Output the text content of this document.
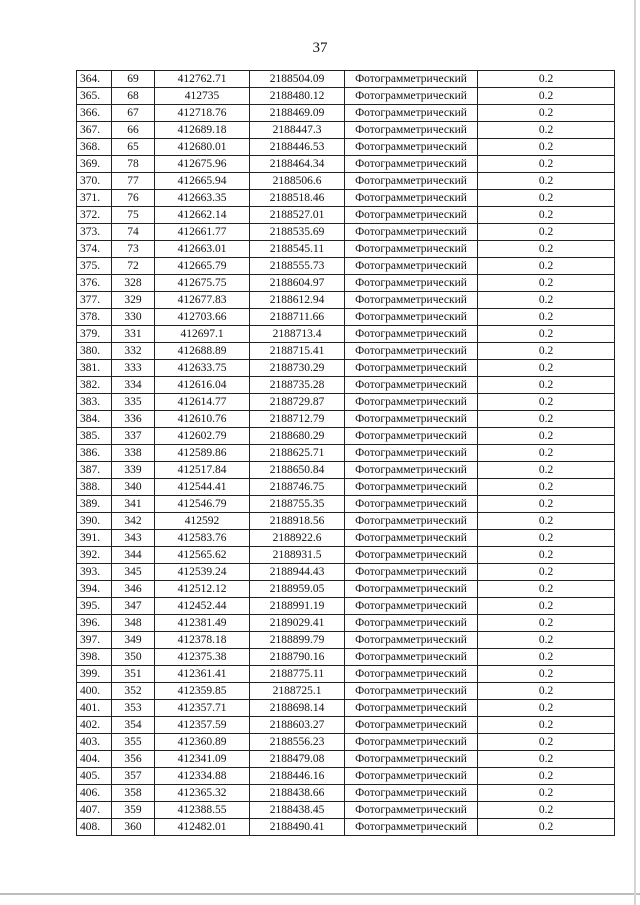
37
364.	69	412762.71	2188504.09	Фотограмметрический	0.2
365.	68	412735	2188480.12	Фотограмметрический	0.2
366.	67	412718.76	2188469.09	Фотограмметрический	0.2
367.	66	412689.18	2188447.3	Фотограмметрический	0.2
368.	65	412680.01	2188446.53	Фотограмметрический	0.2
369.	78	412675.96	2188464.34	Фотограмметрический	0.2
370.	77	412665.94	2188506.6	Фотограмметрический	0.2
371.	76	412663.35	2188518.46	Фотограмметрический	0.2
372.	75	412662.14	2188527.01	Фотограмметрический	0.2
373.	74	412661.77	2188535.69	Фотограмметрический	0.2
374.	73	412663.01	2188545.11	Фотограмметрический	0.2
375.	72	412665.79	2188555.73	Фотограмметрический	0.2
376.	328	412675.75	2188604.97	Фотограмметрический	0.2
377.	329	412677.83	2188612.94	Фотограмметрический	0.2
378.	330	412703.66	2188711.66	Фотограмметрический	0.2
379.	331	412697.1	2188713.4	Фотограмметрический	0.2
380.	332	412688.89	2188715.41	Фотограмметрический	0.2
381.	333	412633.75	2188730.29	Фотограмметрический	0.2
382.	334	412616.04	2188735.28	Фотограмметрический	0.2
383.	335	412614.77	2188729.87	Фотограмметрический	0.2
384.	336	412610.76	2188712.79	Фотограмметрический	0.2
385.	337	412602.79	2188680.29	Фотограмметрический	0.2
386.	338	412589.86	2188625.71	Фотограмметрический	0.2
387.	339	412517.84	2188650.84	Фотограмметрический	0.2
388.	340	412544.41	2188746.75	Фотограмметрический	0.2
389.	341	412546.79	2188755.35	Фотограмметрический	0.2
390.	342	412592	2188918.56	Фотограмметрический	0.2
391.	343	412583.76	2188922.6	Фотограмметрический	0.2
392.	344	412565.62	2188931.5	Фотограмметрический	0.2
393.	345	412539.24	2188944.43	Фотограмметрический	0.2
394.	346	412512.12	2188959.05	Фотограмметрический	0.2
395.	347	412452.44	2188991.19	Фотограмметрический	0.2
396.	348	412381.49	2189029.41	Фотограмметрический	0.2
397.	349	412378.18	2188899.79	Фотограмметрический	0.2
398.	350	412375.38	2188790.16	Фотограмметрический	0.2
399.	351	412361.41	2188775.11	Фотограмметрический	0.2
400.	352	412359.85	2188725.1	Фотограмметрический	0.2
401.	353	412357.71	2188698.14	Фотограмметрический	0.2
402.	354	412357.59	2188603.27	Фотограмметрический	0.2
403.	355	412360.89	2188556.23	Фотограмметрический	0.2
404.	356	412341.09	2188479.08	Фотограмметрический	0.2
405.	357	412334.88	2188446.16	Фотограмметрический	0.2
406.	358	412365.32	2188438.66	Фотограмметрический	0.2
407.	359	412388.55	2188438.45	Фотограмметрический	0.2
408.	360	412482.01	2188490.41	Фотограмметрический	0.2
